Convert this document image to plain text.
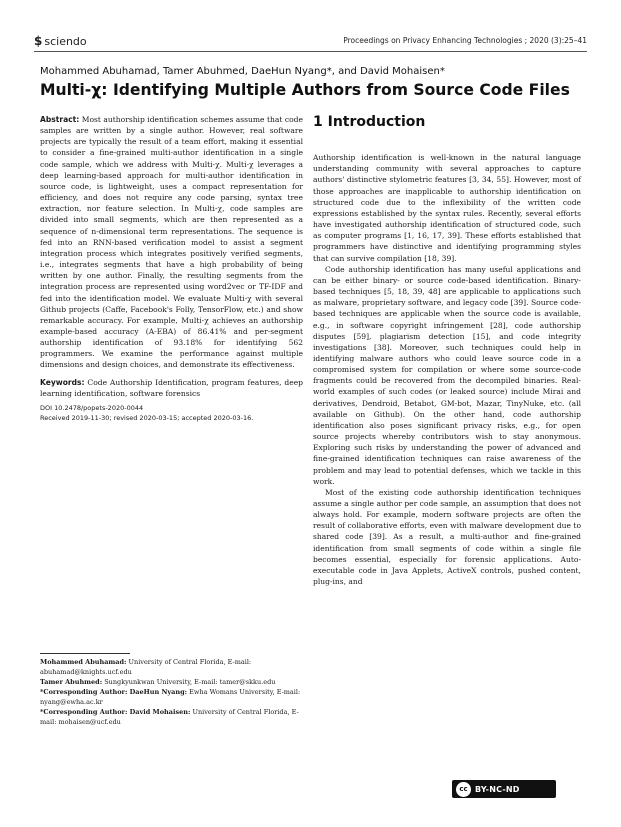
$ sciendo	Proceedings on Privacy Enhancing Technologies ; 2020 (3):25–41
Mohammed Abuhamad, Tamer Abuhmed, DaeHun Nyang*, and David Mohaisen*
Multi-χ: Identifying Multiple Authors from Source Code Files

Abstract: Most authorship identification schemes assume that code samples are written by a single author. However, real software projects are typically the result of a team effort, making it essential to consider a fine-grained multi-author identification in a single code sample, which we address with Multi-χ. Multi-χ leverages a deep learning-based approach for multi-author identification in source code, is lightweight, uses a compact representation for efficiency, and does not require any code parsing, syntax tree extraction, nor feature selection. In Multi-χ, code samples are divided into small segments, which are then represented as a sequence of n-dimensional term representations. The sequence is fed into an RNN-based verification model to assist a segment integration process which integrates positively verified segments, i.e., integrates segments that have a high probability of being written by one author. Finally, the resulting segments from the integration process are represented using word2vec or TF-IDF and fed into the identification model. We evaluate Multi-χ with several Github projects (Caffe, Facebook's Folly, TensorFlow, etc.) and show remarkable accuracy. For example, Multi-χ achieves an authorship example-based accuracy (A-EBA) of 86.41% and per-segment authorship identification of 93.18% for identifying 562 programmers. We examine the performance against multiple dimensions and design choices, and demonstrate its effectiveness.

Keywords: Code Authorship Identification, program features, deep learning identification, software forensics

DOI 10.2478/popets-2020-0044

Received 2019-11-30; revised 2020-03-15; accepted 2020-03-16.

Mohammed Abuhamad: University of Central Florida, E-mail: abuhamad@knights.ucf.edu

Tamer Abuhmed: Sungkyunkwan University, E-mail: tamer@skku.edu

*Corresponding Author: DaeHun Nyang: Ewha Womans University, E-mail: nyang@ewha.ac.kr

*Corresponding Author: David Mohaisen: University of Central Florida, E-mail: mohaisen@ucf.edu

1 Introduction

Authorship identification is well-known in the natural language understanding community with several approaches to capture authors' distinctive stylometric features [3, 34, 55]. However, most of those approaches are inapplicable to authorship identification on structured code due to the inflexibility of the written code expressions established by the syntax rules. Recently, several efforts have investigated authorship identification of structured code, such as computer programs [1, 16, 17, 39]. These efforts established that programmers have distinctive and identifying programming styles that can survive compilation [18, 39].

Code authorship identification has many useful applications and can be either binary- or source code-based identification. Binary-based techniques [5, 18, 39, 48] are applicable to applications such as malware, proprietary software, and legacy code [39]. Source code-based techniques are applicable when the source code is available, e.g., in software copyright infringement [28], code authorship disputes [59], plagiarism detection [15], and code integrity investigations [38]. Moreover, such techniques could help in identifying malware authors who could leave source code in a compromised system for compilation or where some source-code fragments could be recovered from the decompiled binaries. Real-world examples of such codes (or leaked source) include Mirai and derivatives, Dendroid, Betabot, GM-bot, Mazar, TinyNuke, etc. (all available on Github). On the other hand, code authorship identification also poses significant privacy risks, e.g., for open source projects whereby contributors wish to stay anonymous. Exploring such risks by understanding the power of advanced and fine-grained identification techniques can raise awareness of the problem and may lead to potential defenses, which we tackle in this work.

Most of the existing code authorship identification techniques assume a single author per code sample, an assumption that does not always hold. For example, modern software projects are often the result of collaborative efforts, even with malware development due to shared code [39]. As a result, a multi-author and fine-grained identification from small segments of code within a single file becomes essential, especially for forensic applications. Auto-executable code in Java Applets, ActiveX controls, pushed content, plug-ins, and

cc BY-NC-ND
